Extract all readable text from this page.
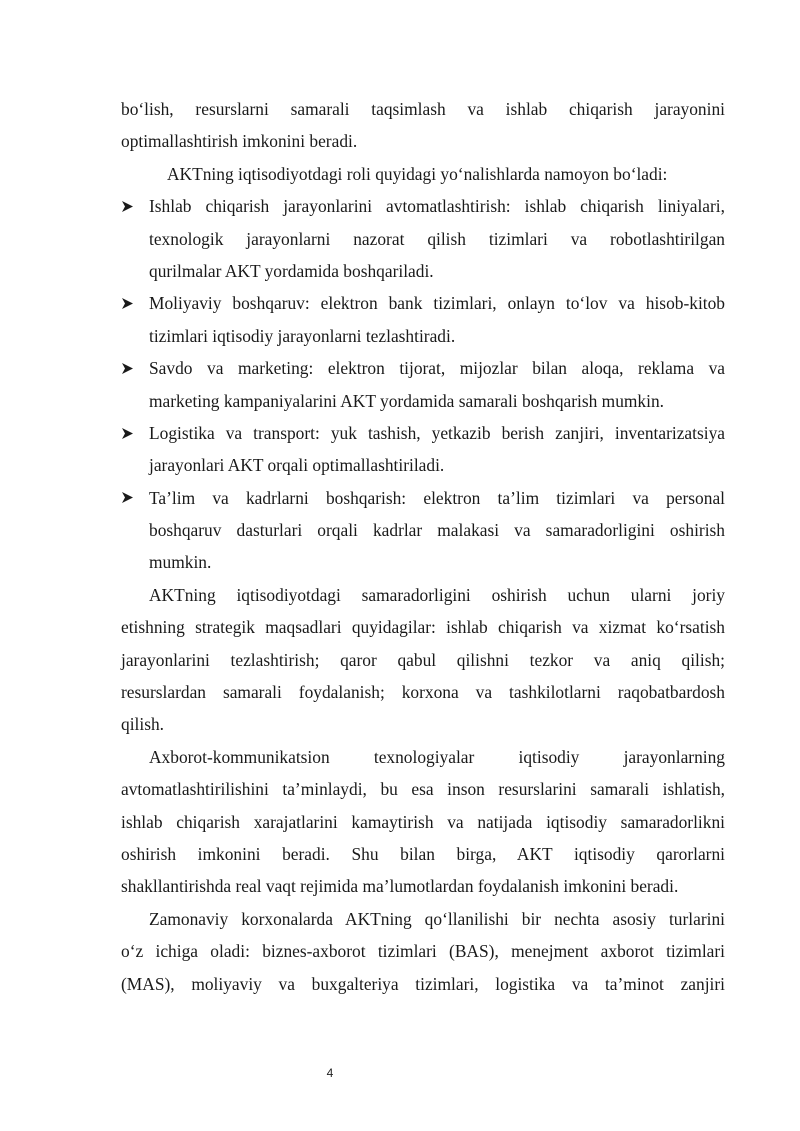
bo‘lish, resurslarni samarali taqsimlash va ishlab chiqarish jarayonini
optimallashtirish imkonini beradi.
AKTning iqtisodiyotdagi roli quyidagi yo‘nalishlarda namoyon bo‘ladi:
Ishlab chiqarish jarayonlarini avtomatlashtirish: ishlab chiqarish liniyalari,
texnologik jarayonlarni nazorat qilish tizimlari va robotlashtirilgan
qurilmalar AKT yordamida boshqariladi.
Moliyaviy boshqaruv: elektron bank tizimlari, onlayn to‘lov va hisob-kitob
tizimlari iqtisodiy jarayonlarni tezlashtiradi.
Savdo va marketing: elektron tijorat, mijozlar bilan aloqa, reklama va
marketing kampaniyalarini AKT yordamida samarali boshqarish mumkin.
Logistika va transport: yuk tashish, yetkazib berish zanjiri, inventarizatsiya
jarayonlari AKT orqali optimallashtiriladi.
Ta’lim va kadrlarni boshqarish: elektron ta’lim tizimlari va personal
boshqaruv dasturlari orqali kadrlar malakasi va samaradorligini oshirish
mumkin.
AKTning iqtisodiyotdagi samaradorligini oshirish uchun ularni joriy
etishning strategik maqsadlari quyidagilar: ishlab chiqarish va xizmat ko‘rsatish
jarayonlarini tezlashtirish; qaror qabul qilishni tezkor va aniq qilish;
resurslardan samarali foydalanish; korxona va tashkilotlarni raqobatbardosh
qilish.
Axborot-kommunikatsion texnologiyalar iqtisodiy jarayonlarning
avtomatlashtirilishini ta’minlaydi, bu esa inson resurslarini samarali ishlatish,
ishlab chiqarish xarajatlarini kamaytirish va natijada iqtisodiy samaradorlikni
oshirish imkonini beradi. Shu bilan birga, AKT iqtisodiy qarorlarni
shakllantirishda real vaqt rejimida ma’lumotlardan foydalanish imkonini beradi.
Zamonaviy korxonalarda AKTning qo‘llanilishi bir nechta asosiy turlarini
o‘z ichiga oladi: biznes-axborot tizimlari (BAS), menejment axborot tizimlari
(MAS), moliyaviy va buxgalteriya tizimlari, logistika va ta’minot zanjiri
4
